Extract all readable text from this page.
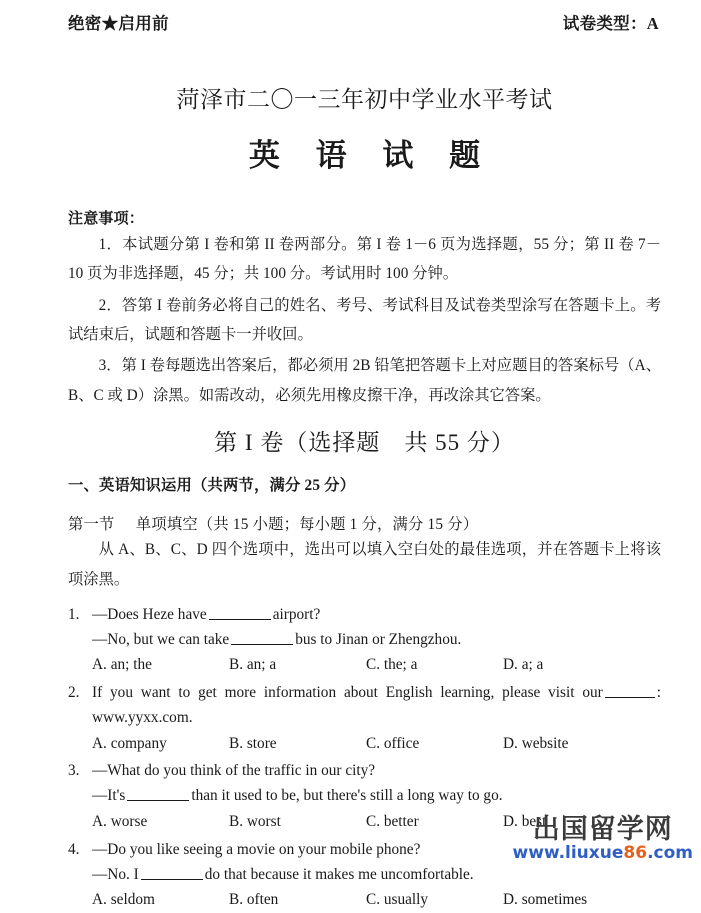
绝密★启用前	试卷类型：A
菏泽市二〇一三年初中学业水平考试
英 语 试 题
注意事项：
1．本试题分第 I 卷和第 II 卷两部分。第 I 卷 1－6 页为选择题，55 分；第 II 卷 7－10 页为非选择题，45 分；共 100 分。考试用时 100 分钟。
2．答第 I 卷前务必将自己的姓名、考号、考试科目及试卷类型涂写在答题卡上。考试结束后，试题和答题卡一并收回。
3．第 I 卷每题选出答案后，都必须用 2B 铅笔把答题卡上对应题目的答案标号（A、B、C 或 D）涂黑。如需改动，必须先用橡皮擦干净，再改涂其它答案。
第 I 卷（选择题　共 55 分）
一、英语知识运用（共两节，满分 25 分）
第一节 单项填空（共 15 小题；每小题 1 分，满分 15 分）
从 A、B、C、D 四个选项中，选出可以填入空白处的最佳选项，并在答题卡上将该项涂黑。
1. —Does Heze have	airport?
—No, but we can take	bus to Jinan or Zhengzhou.
A. an; the	B. an; a	C. the; a	D. a; a
2. If you want to get more information about English learning, please visit our	:
www.yyxx.com.
A. company	B. store	C. office	D. website
3. —What do you think of the traffic in our city?
—It's	than it used to be, but there's still a long way to go.
A. worse	B. worst	C. better	D. best
4. —Do you like seeing a movie on your mobile phone?
—No. I	do that because it makes me uncomfortable.
A. seldom	B. often	C. usually	D. sometimes
出国留学网
www.liuxue86.com
